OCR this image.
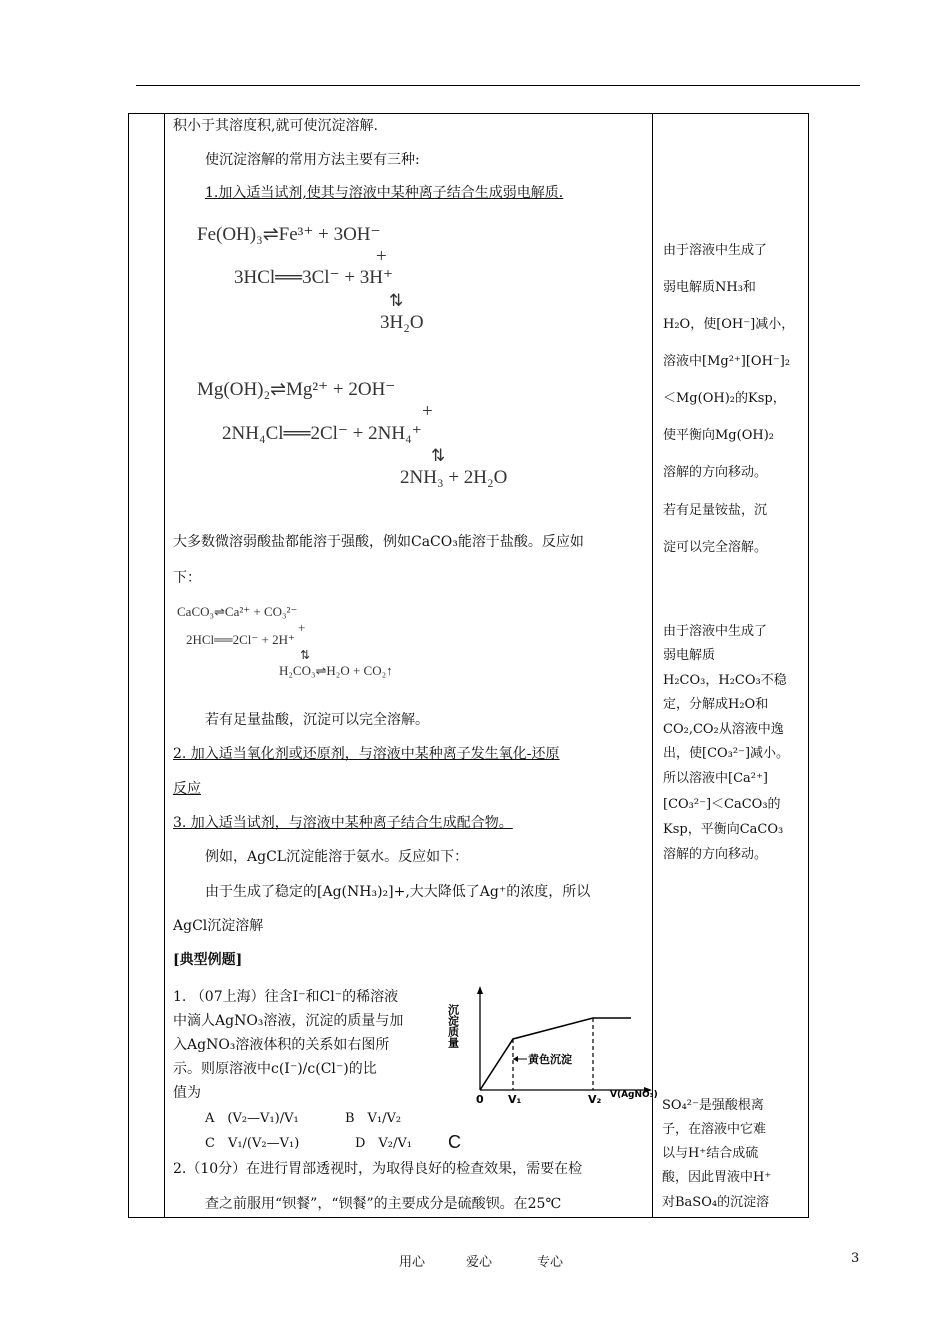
积小于其溶度积,就可使沉淀溶解.
使沉淀溶解的常用方法主要有三种:
1.加入适当试剂,使其与溶液中某种离子结合生成弱电解质.
Fe(OH)₃⇌Fe³⁺ + 3OH⁻
+
3HCl══3Cl⁻ + 3H⁺
⇅
3H₂O
Mg(OH)₂⇌Mg²⁺ + 2OH⁻
+
2NH₄Cl══2Cl⁻ + 2NH₄⁺
⇅
2NH₃ + 2H₂O
大多数微溶弱酸盐都能溶于强酸，例如CaCO₃能溶于盐酸。反应如
下：
CaCO₃⇌Ca²⁺ + CO₃²⁻
+
2HCl══2Cl⁻ + 2H⁺
⇅
H₂CO₃⇌H₂O + CO₂↑
若有足量盐酸，沉淀可以完全溶解。
2. 加入适当氧化剂或还原剂，与溶液中某种离子发生氧化-还原
反应
3. 加入适当试剂，与溶液中某种离子结合生成配合物。
例如，AgCL沉淀能溶于氨水。反应如下：
由于生成了稳定的[Ag(NH₃)₂]+,大大降低了Ag⁺的浓度，所以
AgCl沉淀溶解
[典型例题]
1. （07上海）往含I⁻和Cl⁻的稀溶液
中滴人AgNO₃溶液，沉淀的质量与加
入AgNO₃溶液体积的关系如右图所
示。则原溶液中c(I⁻)/c(Cl⁻)的比
值为
A　(V₂—V₁)/V₁	B　V₁/V₂
C　V₁/(V₂—V₁)	D　V₂/V₁ C
沉淀质量
黄色沉淀
0 V₁	V₂ V(AgNO₃)
2.（10分）在进行胃部透视时，为取得良好的检查效果，需要在检
查之前服用“钡餐”，“钡餐”的主要成分是硫酸钡。在25℃
由于溶液中生成了
弱电解质NH₃和
H₂O，使[OH⁻]减小，
溶液中[Mg²⁺][OH⁻]₂
＜Mg(OH)₂的Ksp，
使平衡向Mg(OH)₂
溶解的方向移动。
若有足量铵盐，沉
淀可以完全溶解。
由于溶液中生成了
弱电解质
H₂CO₃，H₂CO₃不稳
定，分解成H₂O和
CO₂,CO₂从溶液中逸
出，使[CO₃²⁻]减小。
所以溶液中[Ca²⁺]
[CO₃²⁻]＜CaCO₃的
Ksp，平衡向CaCO₃
溶解的方向移动。
SO₄²⁻是强酸根离
子，在溶液中它难
以与H⁺结合成硫
酸，因此胃液中H⁺
对BaSO₄的沉淀溶
用心	爱心	专心	3
